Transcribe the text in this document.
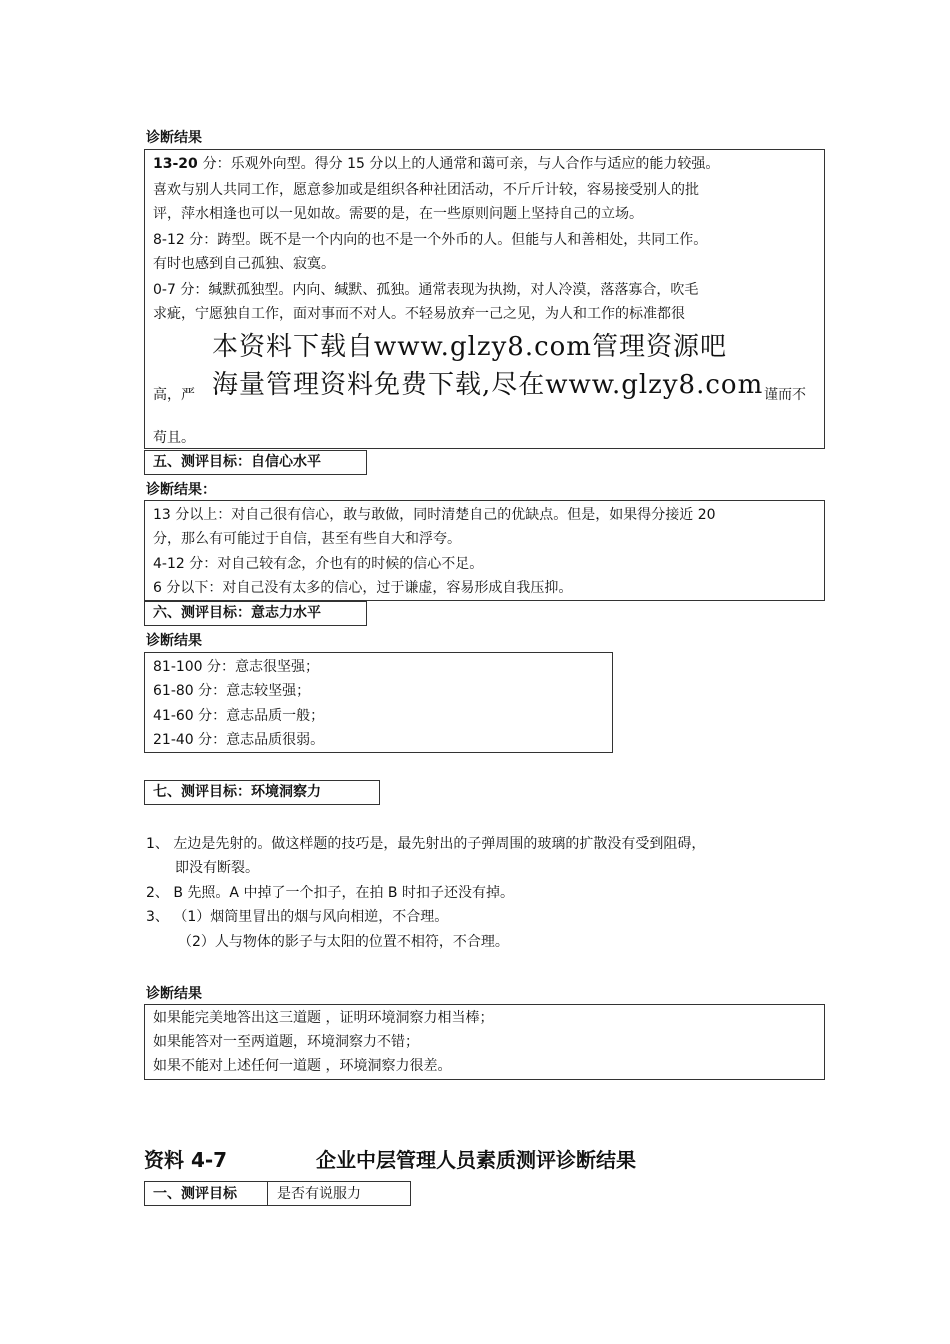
诊断结果
13-20 分：乐观外向型。得分 15 分以上的人通常和蔼可亲，与人合作与适应的能力较强。
喜欢与别人共同工作，愿意参加或是组织各种社团活动，不斤斤计较，容易接受别人的批
评，萍水相逢也可以一见如故。需要的是，在一些原则问题上坚持自己的立场。
8-12 分：踌型。既不是一个内向的也不是一个外币的人。但能与人和善相处，共同工作。
有时也感到自己孤独、寂寞。
0-7 分：缄默孤独型。内向、缄默、孤独。通常表现为执拗，对人冷漠，落落寡合，吹毛
求疵，宁愿独自工作，面对事而不对人。不轻易放弃一己之见，为人和工作的标准都很
高，严	谨而不
苟且。
本资料下载自www.glzy8.com管理资源吧
海量管理资料免费下载,尽在www.glzy8.com
五、测评目标：自信心水平
诊断结果：
13 分以上：对自己很有信心，敢与敢做，同时清楚自己的优缺点。但是，如果得分接近 20
分，那么有可能过于自信，甚至有些自大和浮夸。
4-12 分：对自己较有念，介也有的时候的信心不足。
6 分以下：对自己没有太多的信心，过于谦虚，容易形成自我压抑。
六、测评目标：意志力水平
诊断结果
81-100 分：意志很坚强；
61-80 分：意志较坚强；
41-60 分：意志品质一般；
21-40 分：意志品质很弱。
七、测评目标：环境洞察力
1、 左边是先射的。做这样题的技巧是，最先射出的子弹周围的玻璃的扩散没有受到阻碍，
即没有断裂。
2、 B 先照。A 中掉了一个扣子，在拍 B 时扣子还没有掉。
3、 （1）烟筒里冒出的烟与风向相逆，不合理。
（2）人与物体的影子与太阳的位置不相符，不合理。
诊断结果
如果能完美地答出这三道题 ，证明环境洞察力相当棒；
如果能答对一至两道题，环境洞察力不错；
如果不能对上述任何一道题 ，环境洞察力很差。
资料 4-7	企业中层管理人员素质测评诊断结果
一、测评目标	是否有说服力
